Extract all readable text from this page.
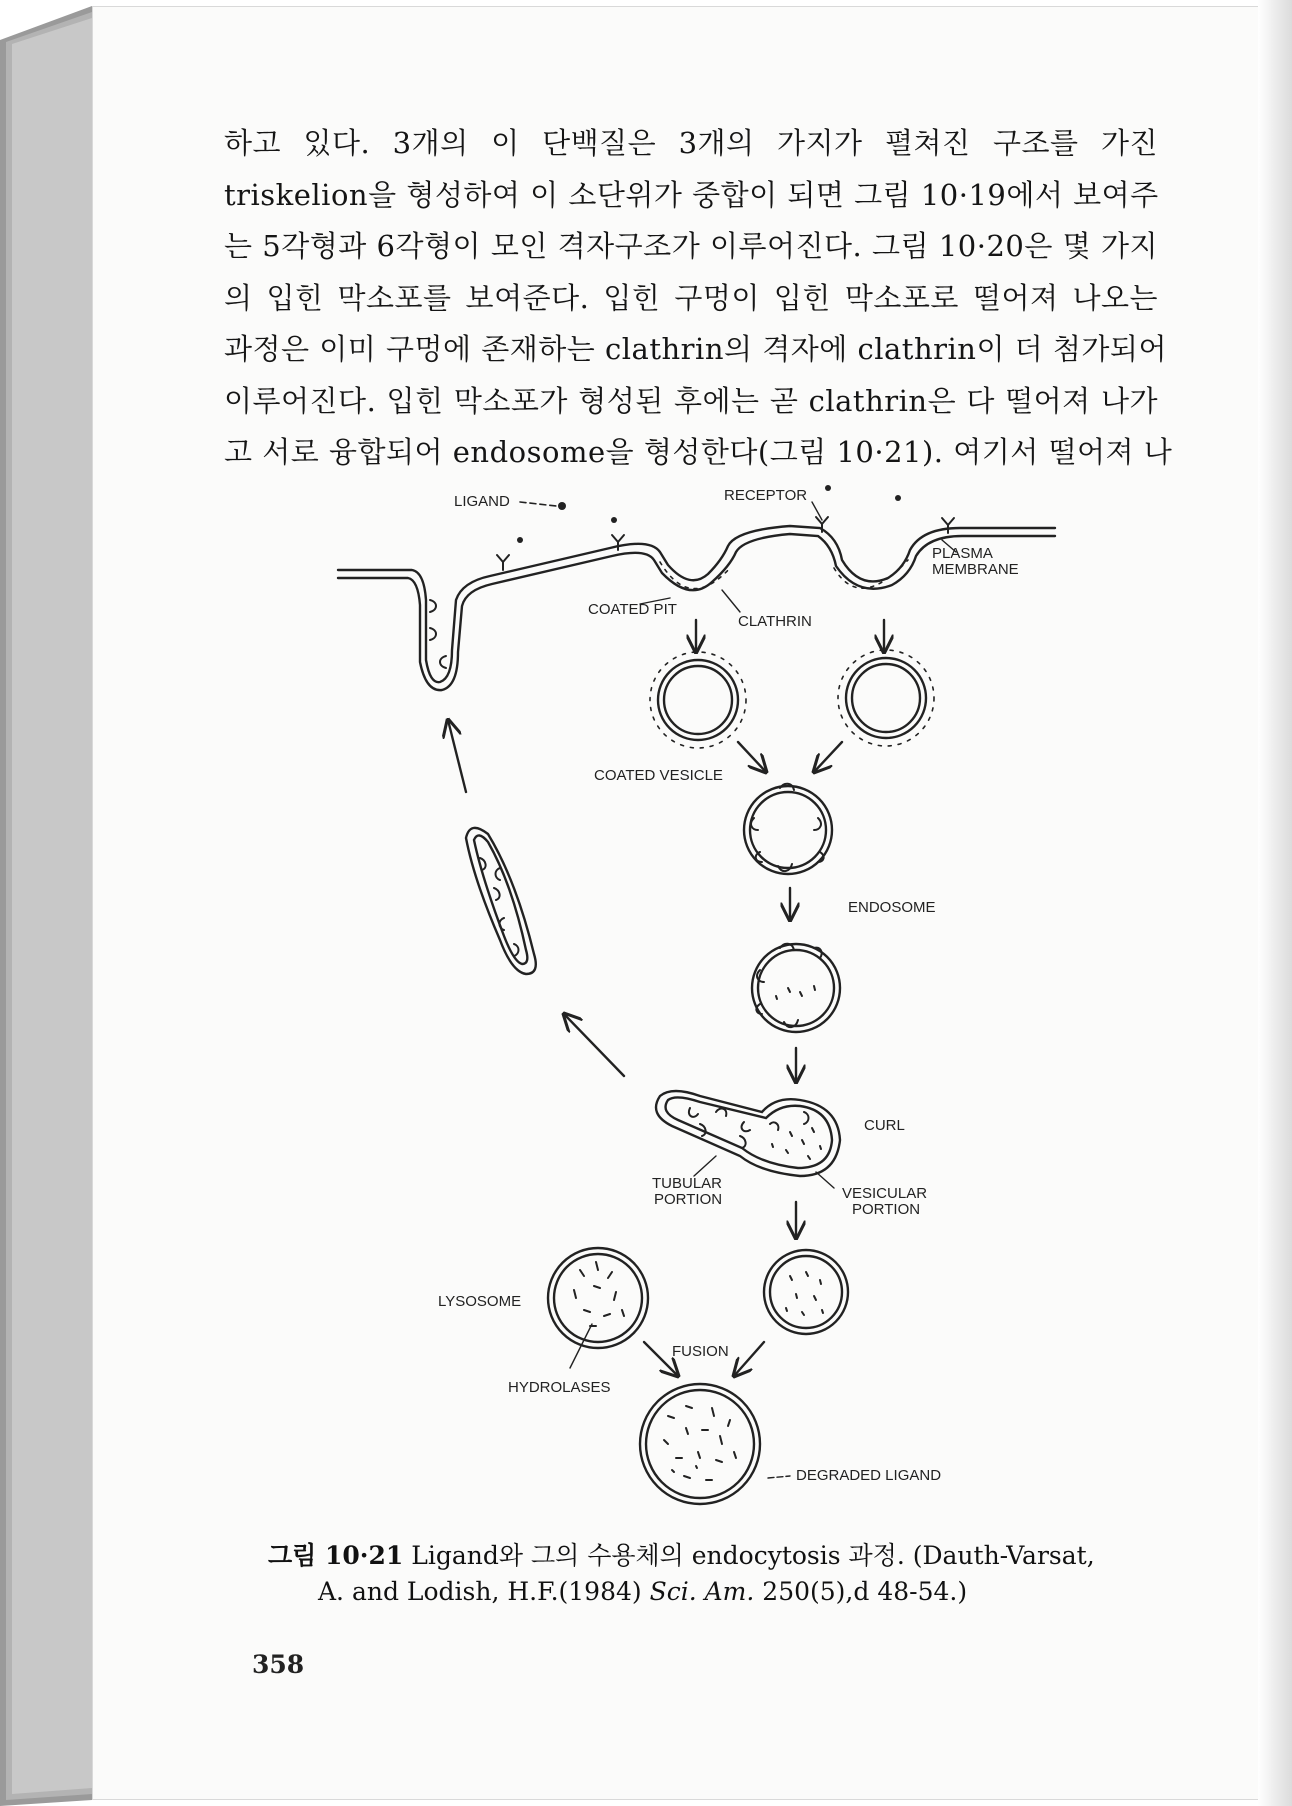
하고 있다. 3개의 이 단백질은 3개의 가지가 펼쳐진 구조를 가진
triskelion을 형성하여 이 소단위가 중합이 되면 그림 10·19에서 보여주
는 5각형과 6각형이 모인 격자구조가 이루어진다. 그림 10·20은 몇 가지
의 입힌 막소포를 보여준다. 입힌 구멍이 입힌 막소포로 떨어져 나오는
과정은 이미 구멍에 존재하는 clathrin의 격자에 clathrin이 더 첨가되어
이루어진다. 입힌 막소포가 형성된 후에는 곧 clathrin은 다 떨어져 나가
고 서로 융합되어 endosome을 형성한다(그림 10·21). 여기서 떨어져 나
LIGAND	RECEPTOR
PLASMA
MEMBRANE
COATED PIT
CLATHRIN
COATED VESICLE
ENDOSOME
CURL
TUBULAR
PORTION	VESICULAR
PORTION
LYSOSOME
HYDROLASES
FUSION
DEGRADED LIGAND
그림 10·21 Ligand와 그의 수용체의 endocytosis 과정. (Dauth-Varsat,
A. and Lodish, H.F.(1984) Sci. Am. 250(5),d 48-54.)
358
